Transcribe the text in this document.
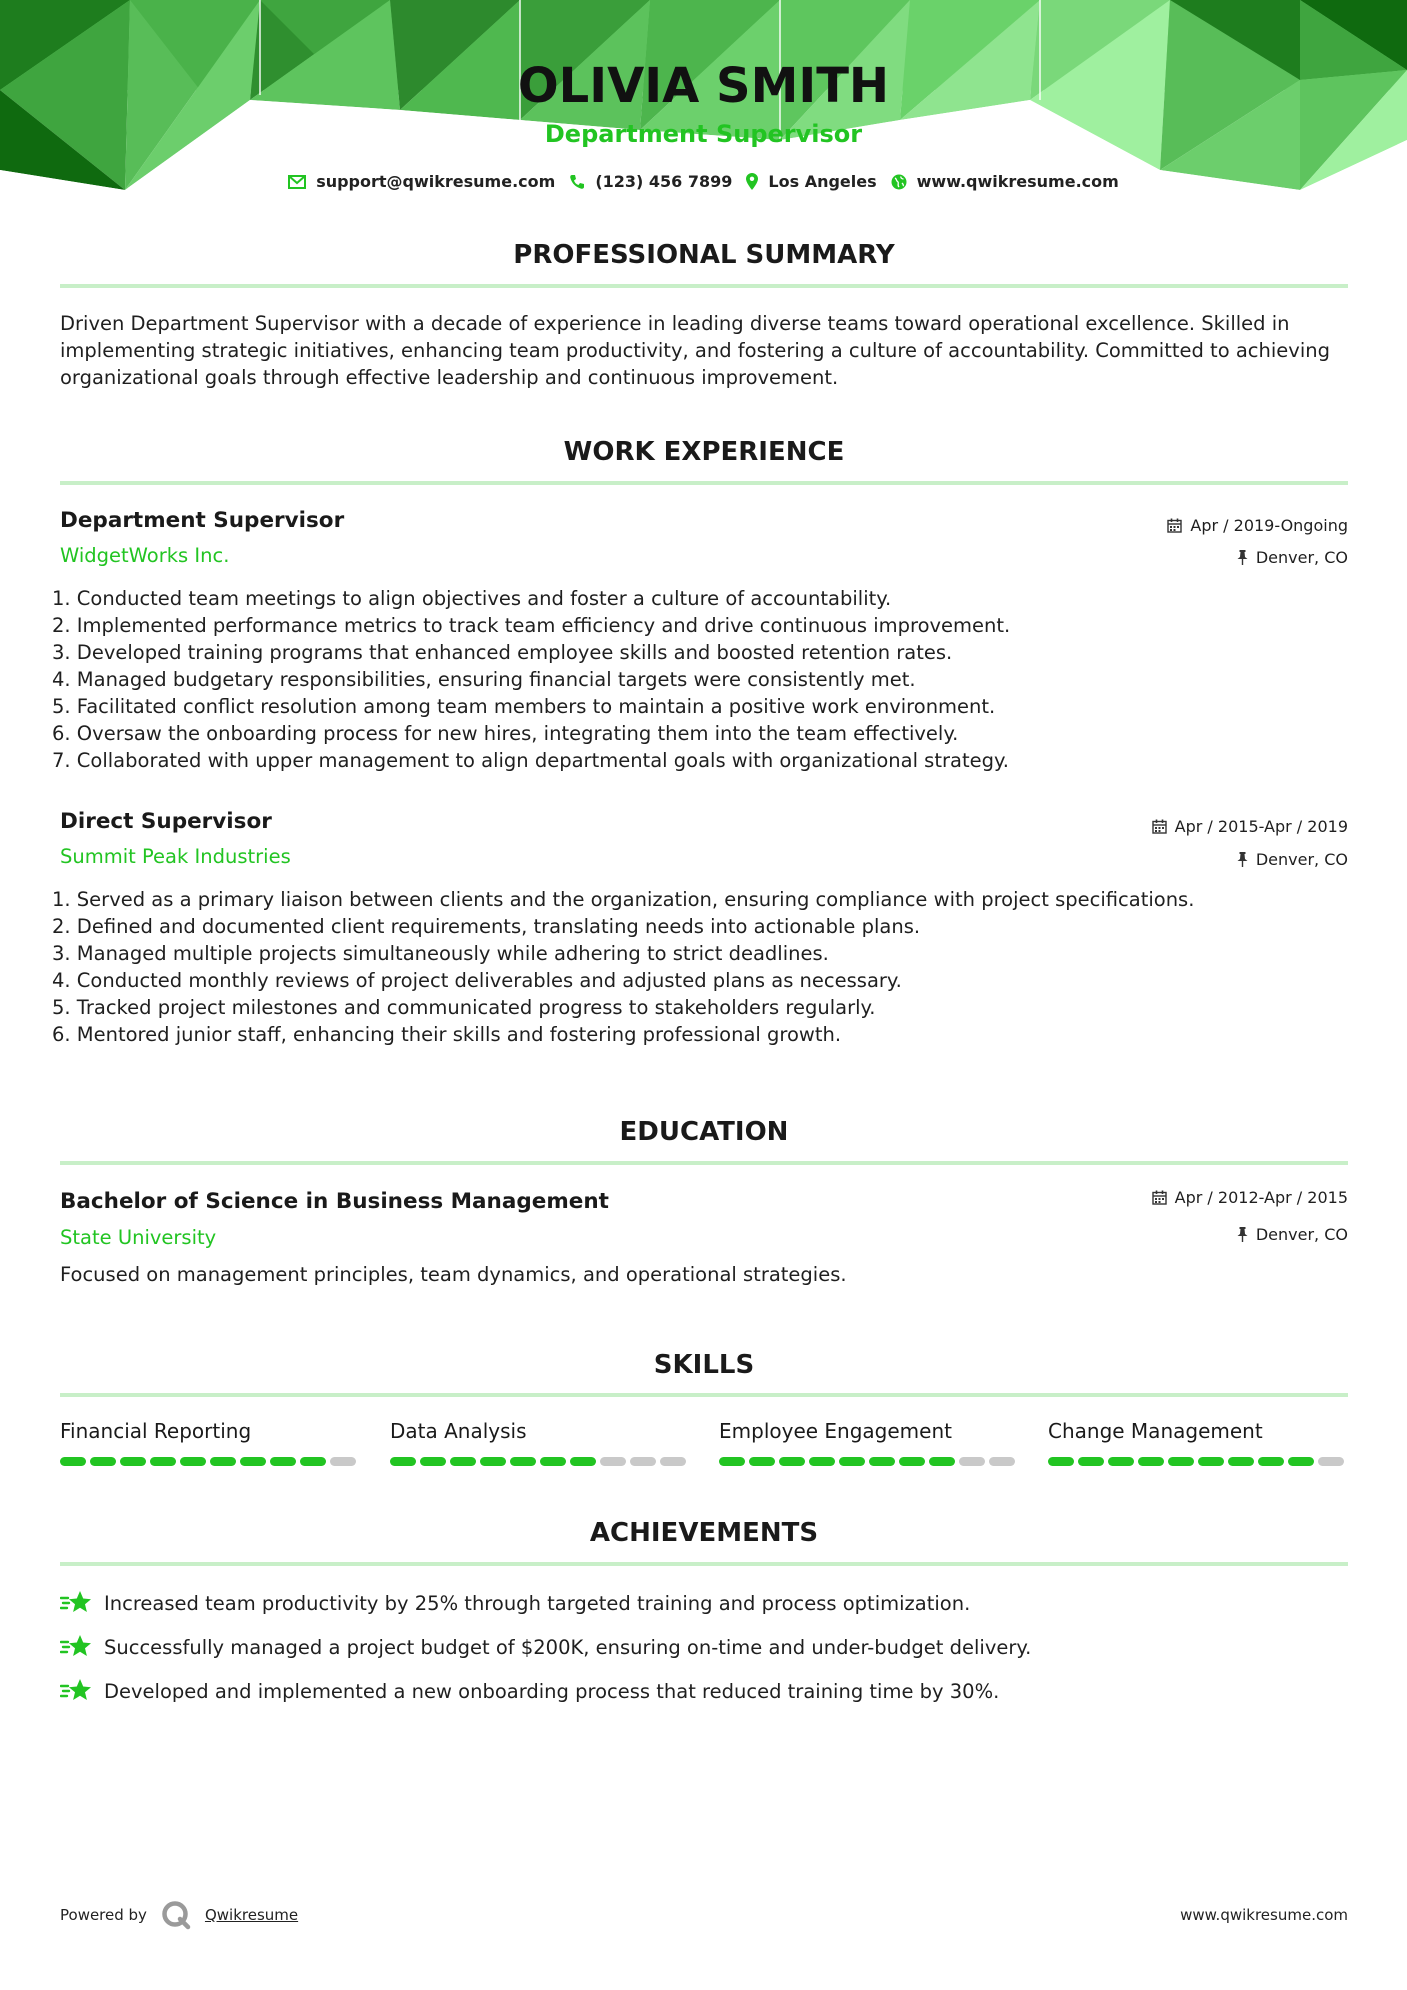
OLIVIA SMITH
Department Supervisor
support@qwikresume.com	(123) 456 7899 Los Angeles	www.qwikresume.com
PROFESSIONAL SUMMARY
Driven Department Supervisor with a decade of experience in leading diverse teams toward operational excellence. Skilled in implementing strategic initiatives, enhancing team productivity, and fostering a culture of accountability. Committed to achieving organizational goals through effective leadership and continuous improvement.
WORK EXPERIENCE
Department Supervisor
WidgetWorks Inc.
Apr / 2019-Ongoing
Denver, CO
1. Conducted team meetings to align objectives and foster a culture of accountability.
2. Implemented performance metrics to track team efficiency and drive continuous improvement.
3. Developed training programs that enhanced employee skills and boosted retention rates.
4. Managed budgetary responsibilities, ensuring financial targets were consistently met.
5. Facilitated conflict resolution among team members to maintain a positive work environment.
6. Oversaw the onboarding process for new hires, integrating them into the team effectively.
7. Collaborated with upper management to align departmental goals with organizational strategy.
Direct Supervisor
Summit Peak Industries
Apr / 2015-Apr / 2019
Denver, CO
1. Served as a primary liaison between clients and the organization, ensuring compliance with project specifications.
2. Defined and documented client requirements, translating needs into actionable plans.
3. Managed multiple projects simultaneously while adhering to strict deadlines.
4. Conducted monthly reviews of project deliverables and adjusted plans as necessary.
5. Tracked project milestones and communicated progress to stakeholders regularly.
6. Mentored junior staff, enhancing their skills and fostering professional growth.
EDUCATION
Bachelor of Science in Business Management
State University
Apr / 2012-Apr / 2015
Denver, CO
Focused on management principles, team dynamics, and operational strategies.
SKILLS
Financial Reporting	Data Analysis	Employee Engagement	Change Management
ACHIEVEMENTS
Increased team productivity by 25% through targeted training and process optimization.
Successfully managed a project budget of $200K, ensuring on-time and under-budget delivery.
Developed and implemented a new onboarding process that reduced training time by 30%.
Powered by	Qwikresume	www.qwikresume.com
